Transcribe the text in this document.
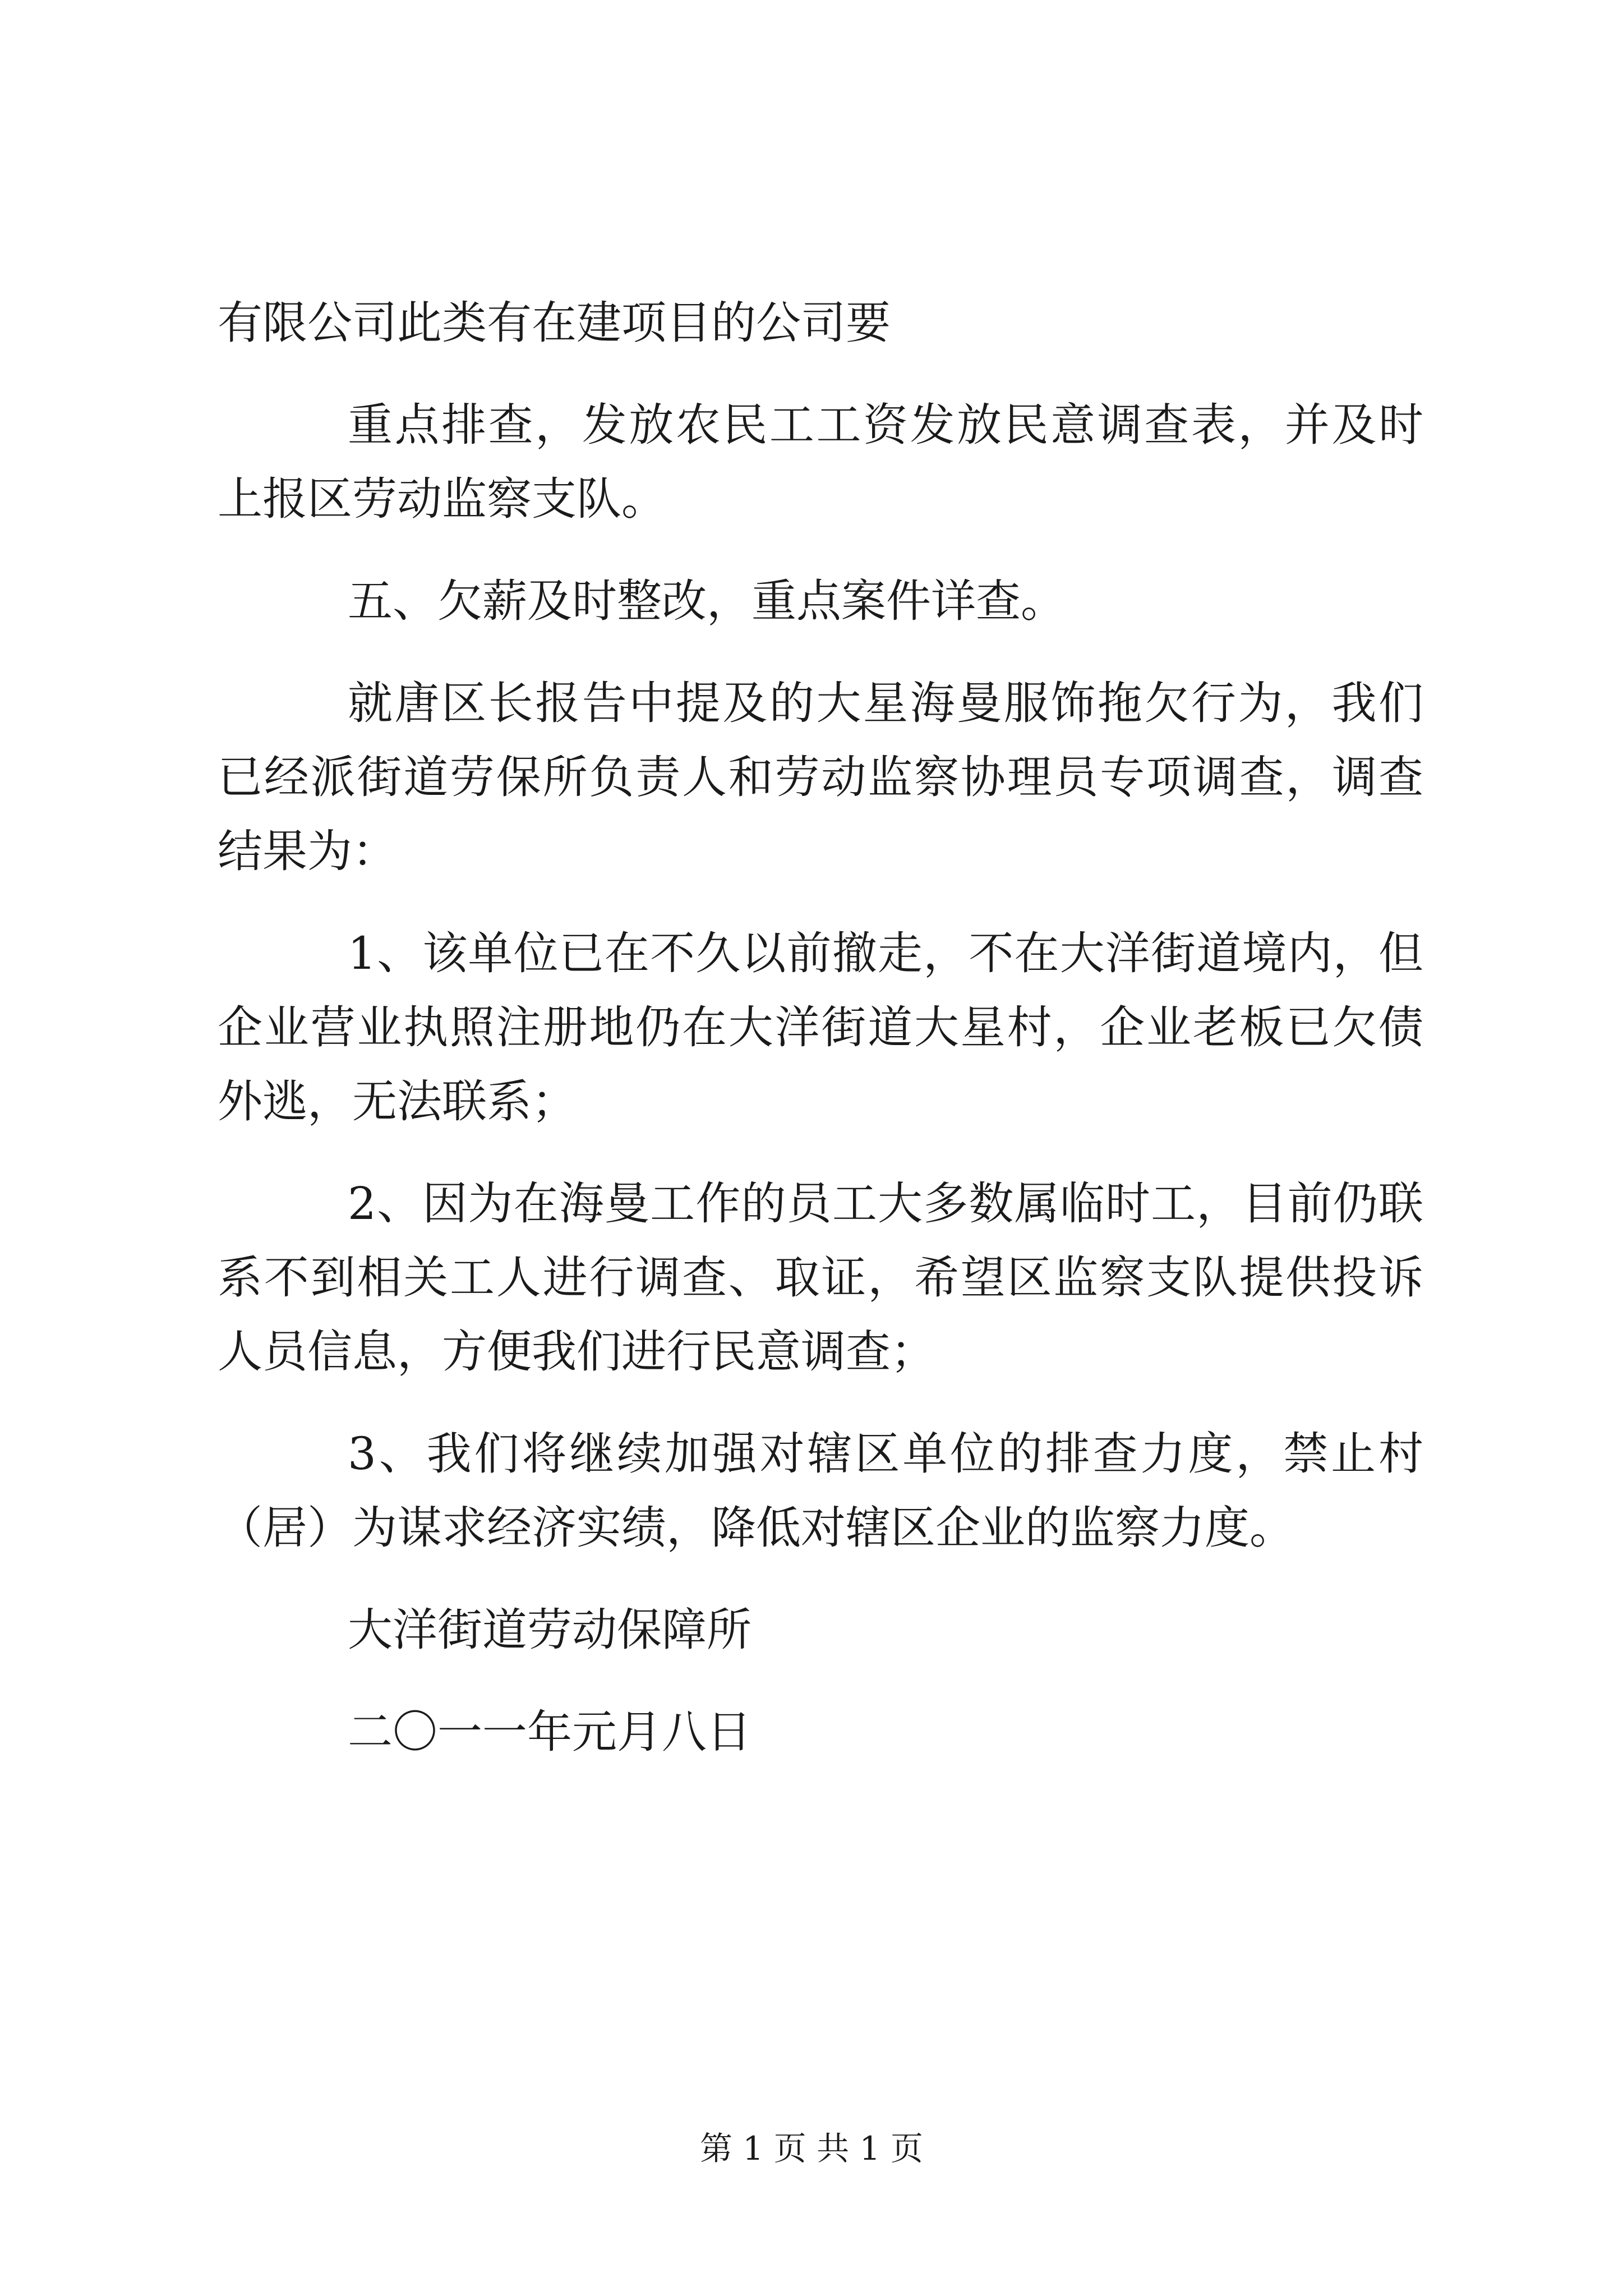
有限公司此类有在建项目的公司要

重点排查，发放农民工工资发放民意调查表，并及时上报区劳动监察支队。

五、欠薪及时整改，重点案件详查。

就唐区长报告中提及的大星海曼服饰拖欠行为，我们已经派街道劳保所负责人和劳动监察协理员专项调查，调查结果为：

1、该单位已在不久以前撤走，不在大洋街道境内，但企业营业执照注册地仍在大洋街道大星村，企业老板已欠债外逃，无法联系；

2、因为在海曼工作的员工大多数属临时工，目前仍联系不到相关工人进行调查、取证，希望区监察支队提供投诉人员信息，方便我们进行民意调查；

3、我们将继续加强对辖区单位的排查力度，禁止村（居）为谋求经济实绩，降低对辖区企业的监察力度。

大洋街道劳动保障所

二〇一一年元月八日

第 1 页 共 1 页
